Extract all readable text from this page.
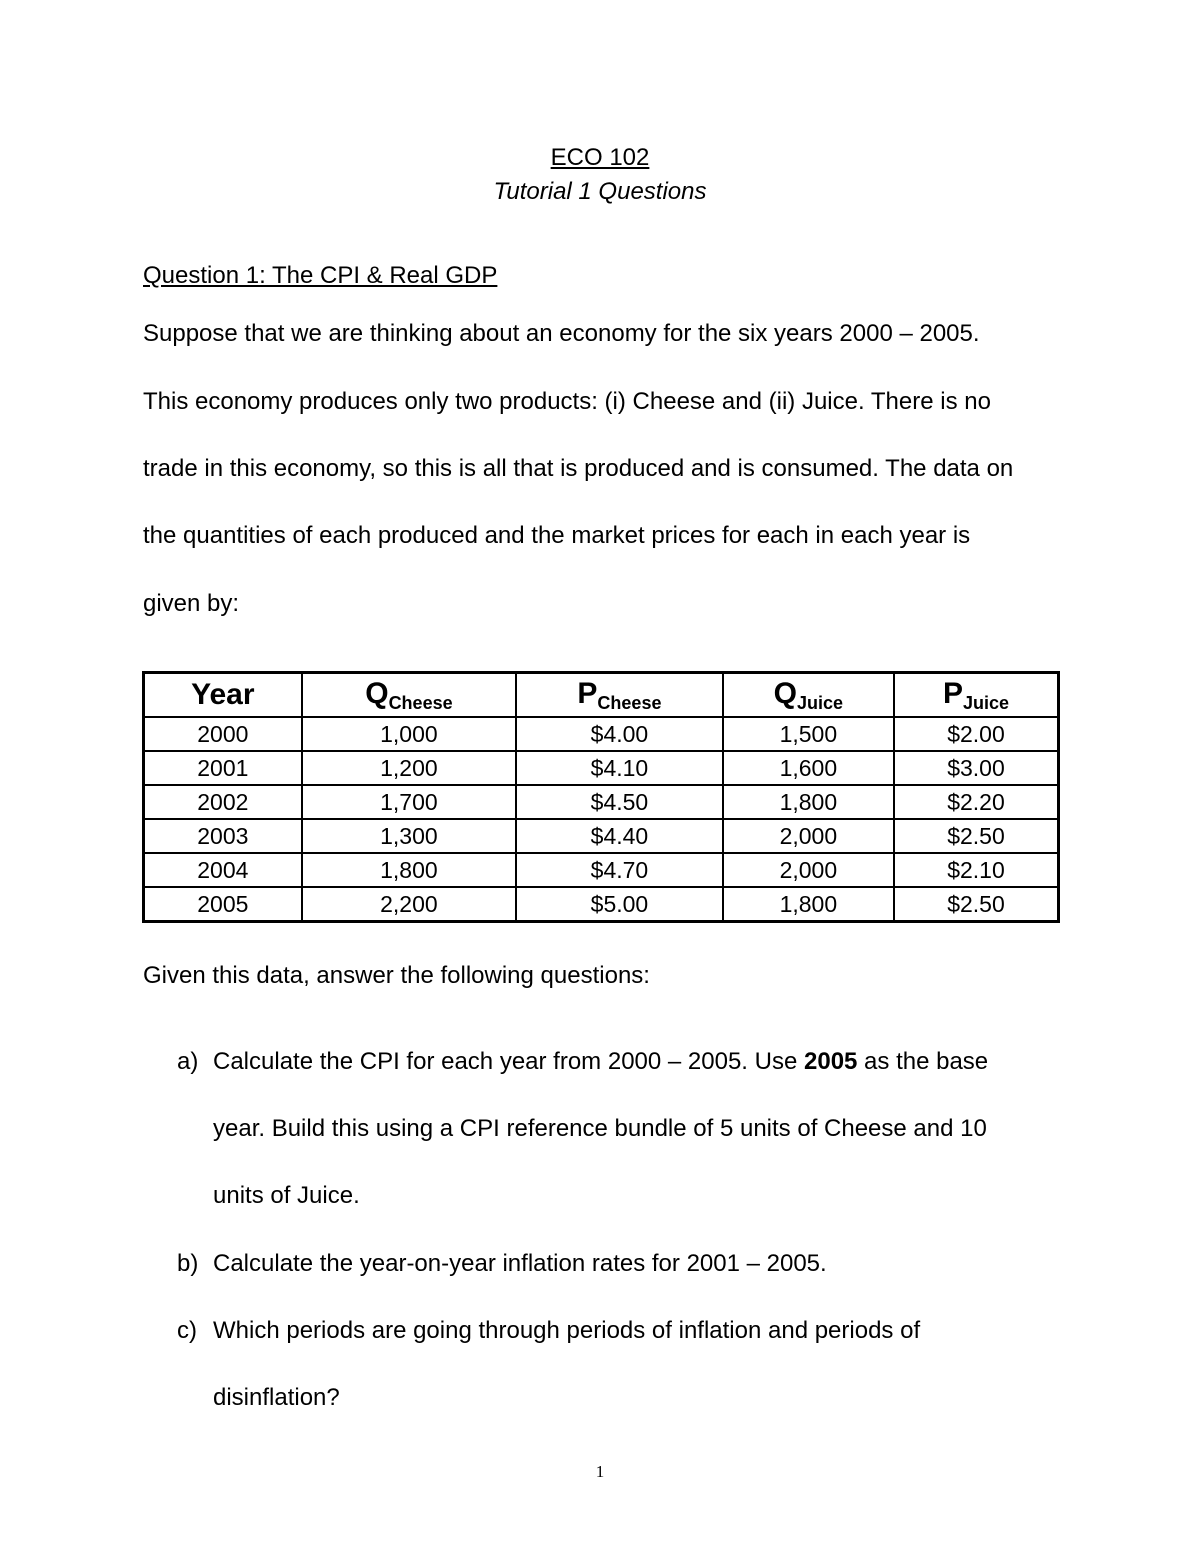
ECO 102
Tutorial 1 Questions
Question 1: The CPI & Real GDP
Suppose that we are thinking about an economy for the six years 2000 – 2005.
This economy produces only two products: (i) Cheese and (ii) Juice. There is no
trade in this economy, so this is all that is produced and is consumed. The data on
the quantities of each produced and the market prices for each in each year is
given by:
Year	$Q_{Cheese}$	$P_{Cheese}$	$Q_{Juice}$	$P_{Juice}$
2000	1,000	$4.00	1,500	$2.00
2001	1,200	$4.10	1,600	$3.00
2002	1,700	$4.50	1,800	$2.20
2003	1,300	$4.40	2,000	$2.50
2004	1,800	$4.70	2,000	$2.10
2005	2,200	$5.00	1,800	$2.50
Given this data, answer the following questions:
a) Calculate the CPI for each year from 2000 – 2005. Use 2005 as the base
year. Build this using a CPI reference bundle of 5 units of Cheese and 10
units of Juice.
b) Calculate the year-on-year inflation rates for 2001 – 2005.
c) Which periods are going through periods of inflation and periods of
disinflation?
1
